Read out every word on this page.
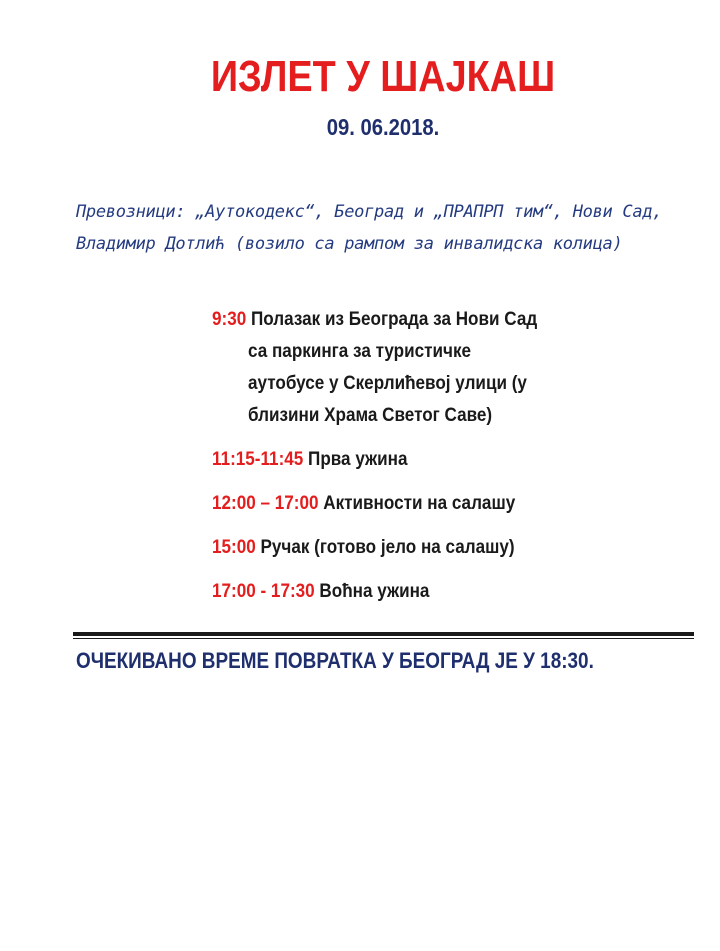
ИЗЛЕТ У ШАЈКАШ
09. 06.2018.
Превозници: „Аутокодекс“, Београд и „ПРАПРП тим“, Нови Сад, Владимир Дотлић (возило са рампом за инвалидска колица)
9:30 Полазак из Београда за Нови Сад
са паркинга за туристичке
аутобусе у Скерлићевој улици (у
близини Храма Светог Саве)
11:15-11:45 Прва ужина
12:00 – 17:00 Активности на салашу
15:00 Ручак (готово јело на салашу)
17:00 - 17:30 Воћна ужина
ОЧЕКИВАНО ВРЕМЕ ПОВРАТКА У БЕОГРАД ЈЕ У 18:30.
